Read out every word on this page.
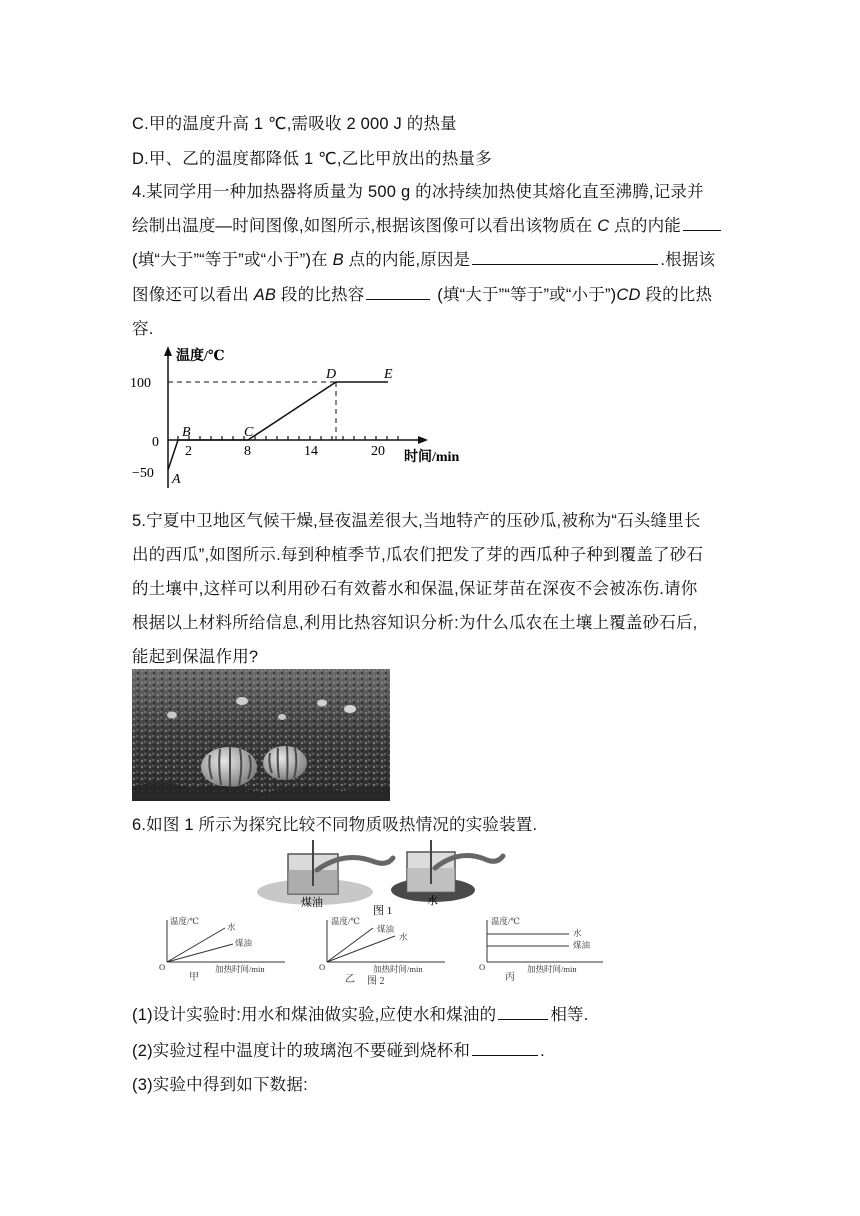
C.甲的温度升高 1 ℃,需吸收 2 000 J 的热量
D.甲、乙的温度都降低 1 ℃,乙比甲放出的热量多
4.某同学用一种加热器将质量为 500 g 的冰持续加热使其熔化直至沸腾,记录并
绘制出温度—时间图像,如图所示,根据该图像可以看出该物质在 C 点的内能
(填“大于”“等于”或“小于”)在 B 点的内能,原因是	.根据该
图像还可以看出 AB 段的比热容	(填“大于”“等于”或“小于”)CD 段的比热
容.
温度/℃
100
0
−50
2	8	14	20 时间/min
A
B	C
D	E
5.宁夏中卫地区气候干燥,昼夜温差很大,当地特产的压砂瓜,被称为“石头缝里长
出的西瓜”,如图所示.每到种植季节,瓜农们把发了芽的西瓜种子种到覆盖了砂石
的土壤中,这样可以利用砂石有效蓄水和保温,保证芽苗在深夜不会被冻伤.请你
根据以上材料所给信息,利用比热容知识分析:为什么瓜农在土壤上覆盖砂石后,
能起到保温作用?
6.如图 1 所示为探究比较不同物质吸热情况的实验装置.
煤油	水
图 1
温度/℃
水
煤油
O	加热时间/min
甲
温度/℃
煤油
水
O	加热时间/min
乙
温度/℃
水
煤油
O	加热时间/min
丙
图 2
(1)设计实验时:用水和煤油做实验,应使水和煤油的	相等.
(2)实验过程中温度计的玻璃泡不要碰到烧杯和	.
(3)实验中得到如下数据:
